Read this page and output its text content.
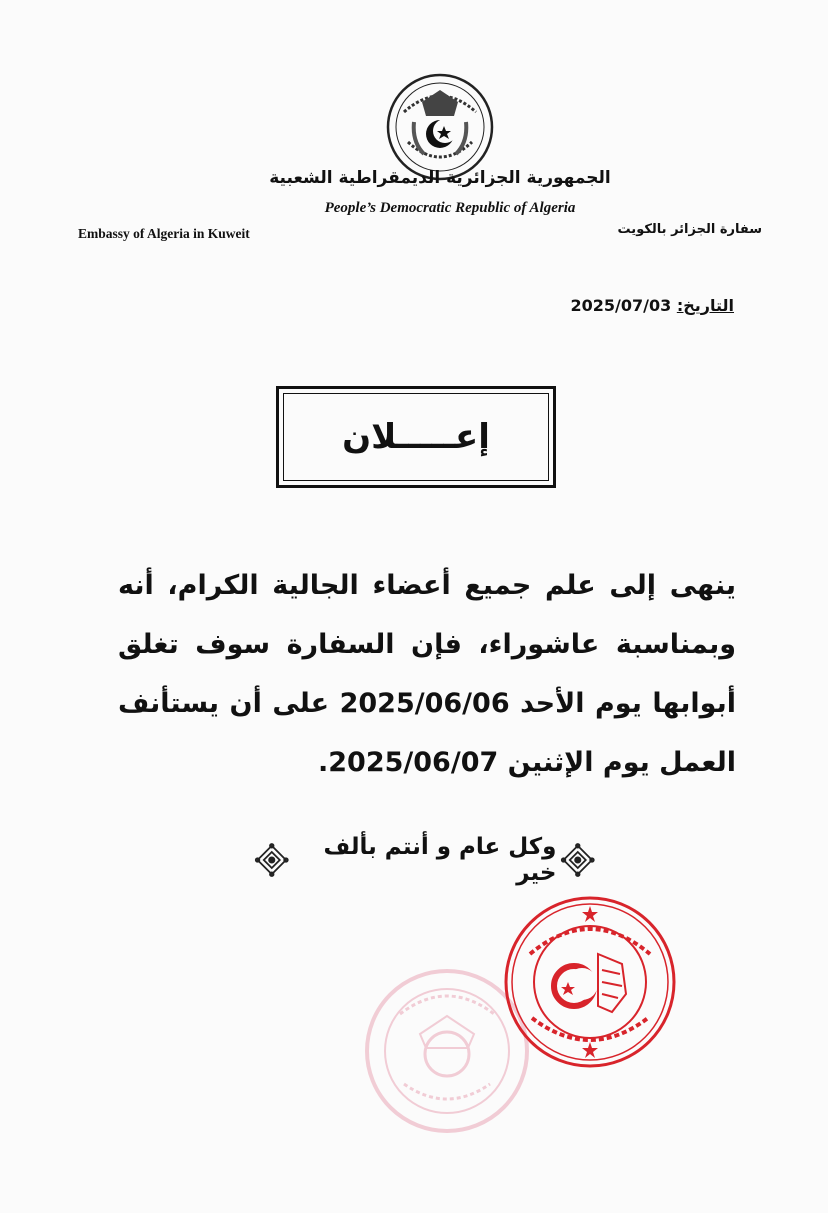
الجمهورية الجزائرية الديمقراطية الشعبية
People’s Democratic Republic of Algeria
Embassy of Algeria in Kuweit	سفارة الجزائر بالكويت
التاريخ: 2025/07/03
إعـــــلان
ينهى إلى علم جميع أعضاء الجالية الكرام، أنه وبمناسبة عاشوراء، فإن السفارة سوف تغلق أبوابها يوم الأحد 2025/06/06 على أن يستأنف العمل يوم الإثنين 2025/06/07.
وكل عام و أنتم بألف خير
